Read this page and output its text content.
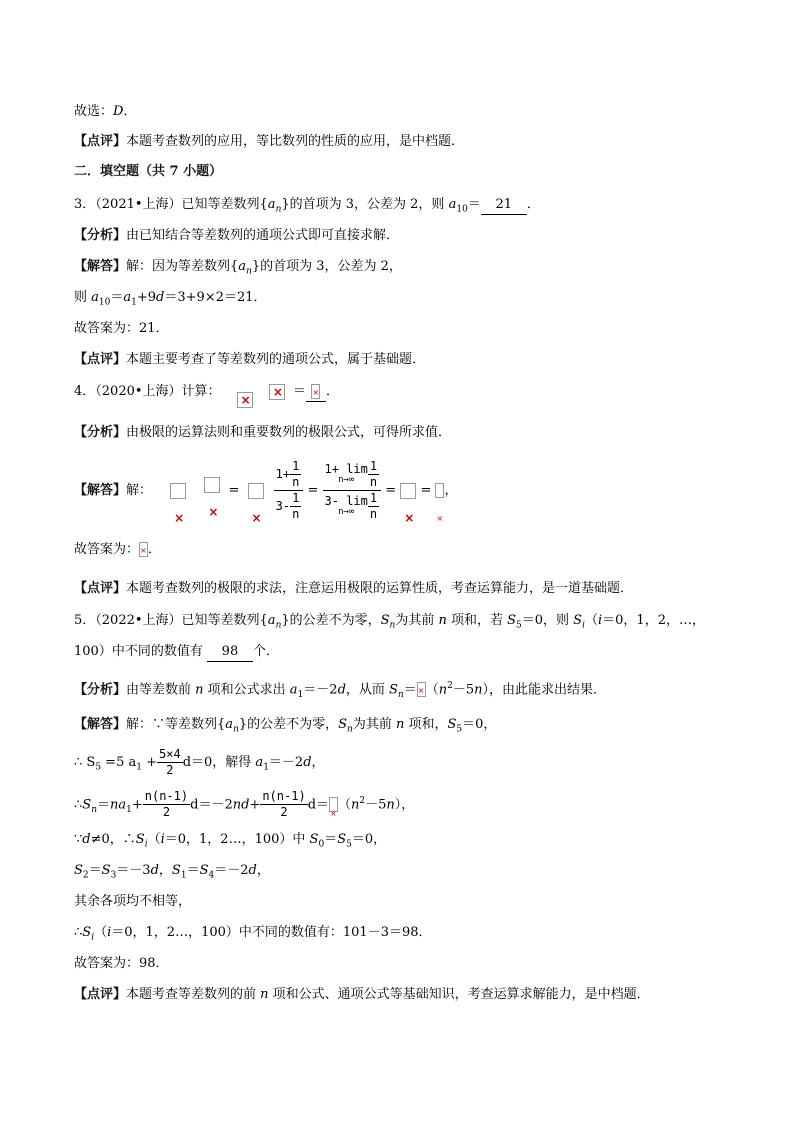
故选：D．
【点评】本题考查数列的应用，等比数列的性质的应用，是中档题．
二．填空题（共 7 小题）
3．（2021•上海）已知等差数列$\{a_n\}$的首项为 3，公差为 2，则 $a_{10}= 21$ ．
【分析】由已知结合等差数列的通项公式即可直接求解．
【解答】解：因为等差数列$\{a_n\}$的首项为 3，公差为 2，
则 $a_{10}=a_1+9d=3+9\times 2=21$．
故答案为：21．
【点评】本题主要考查了等差数列的通项公式，属于基础题．
4．（2020•上海）计算： × ×	＝ × ．
【分析】由极限的运算法则和重要数列的极限公式，可得所求值．
【解答】解： × ×	= ×	$\frac{1+ \frac{1}{n}}{3- \frac{1}{n}} = 1+ \lim$
n→∞	$\frac{1}{n}$
3- lim
n→∞	$\frac{1}{n}$ = × = × ，
故答案为： × ．
【点评】本题考查数列的极限的求法，注意运用极限的运算性质，考查运算能力，是一道基础题．
5．（2022•上海）已知等差数列$\{a_n\}$的公差不为零，$S_n$为其前 n 项和，若 $S_5=0$，则 $S_i(i=0$，1，2，…，
100）中不同的数值有 98 个．
【分析】由等差数前 n 项和公式求出 $a_1=-2d$，从而 $S_n= \times (n^2-5n)$，由此能求出结果．
【解答】解：∵等差数列$\{a_n\}$的公差不为零，$S_n$为其前 n 项和，$S_5=0$，
∴ $S_5 =5$ $a_1 + \frac{5\times 4}{2} d=0$，解得 $a_1=-2d$，
$\therefore S_n=na_1+ \frac{n(n-1)}{2} d=-2nd+ \frac{n(n-1)}{2} d= \times (n^2-5n)$，
∵d≠0，$\therefore S_i(i=0$，1，2…，100）中 $S_0=S_5=0$，
$S_2=S_3=-3d$，$S_1=S_4=-2d$，
其余各项均不相等，
$\therefore S_i(i=0$，1，2…，100）中不同的数值有：101－3＝98．
故答案为：98．
【点评】本题考查等差数列的前 n 项和公式、通项公式等基础知识，考查运算求解能力，是中档题．
